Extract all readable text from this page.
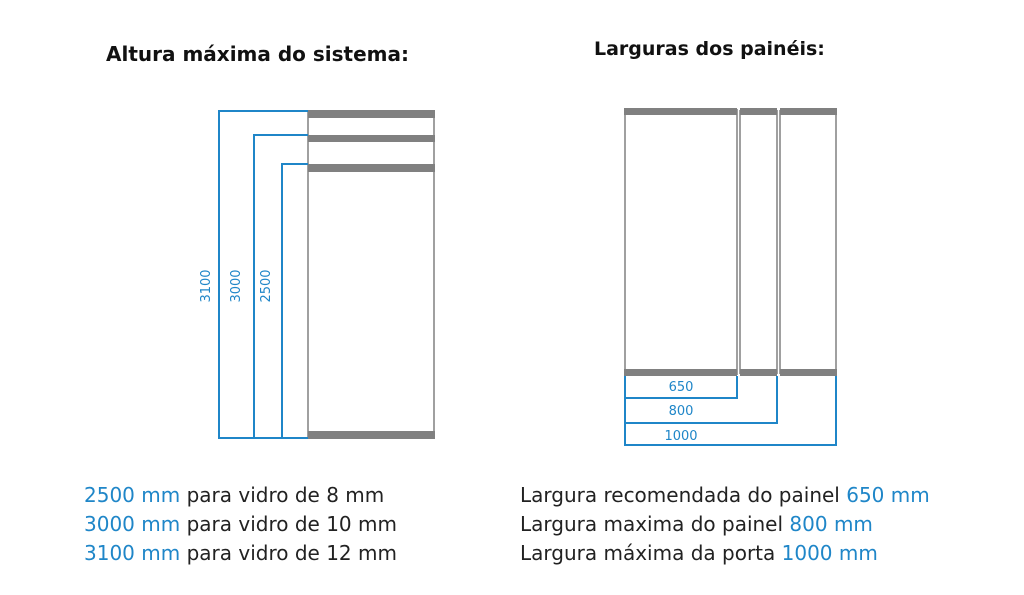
Altura máxima do sistema:	Larguras dos painéis:
3100 3000 2500
650
800
1000
2500 mm para vidro de 8 mm
3000 mm para vidro de 10 mm
3100 mm para vidro de 12 mm
Largura recomendada do painel 650 mm
Largura maxima do painel 800 mm
Largura máxima da porta 1000 mm
